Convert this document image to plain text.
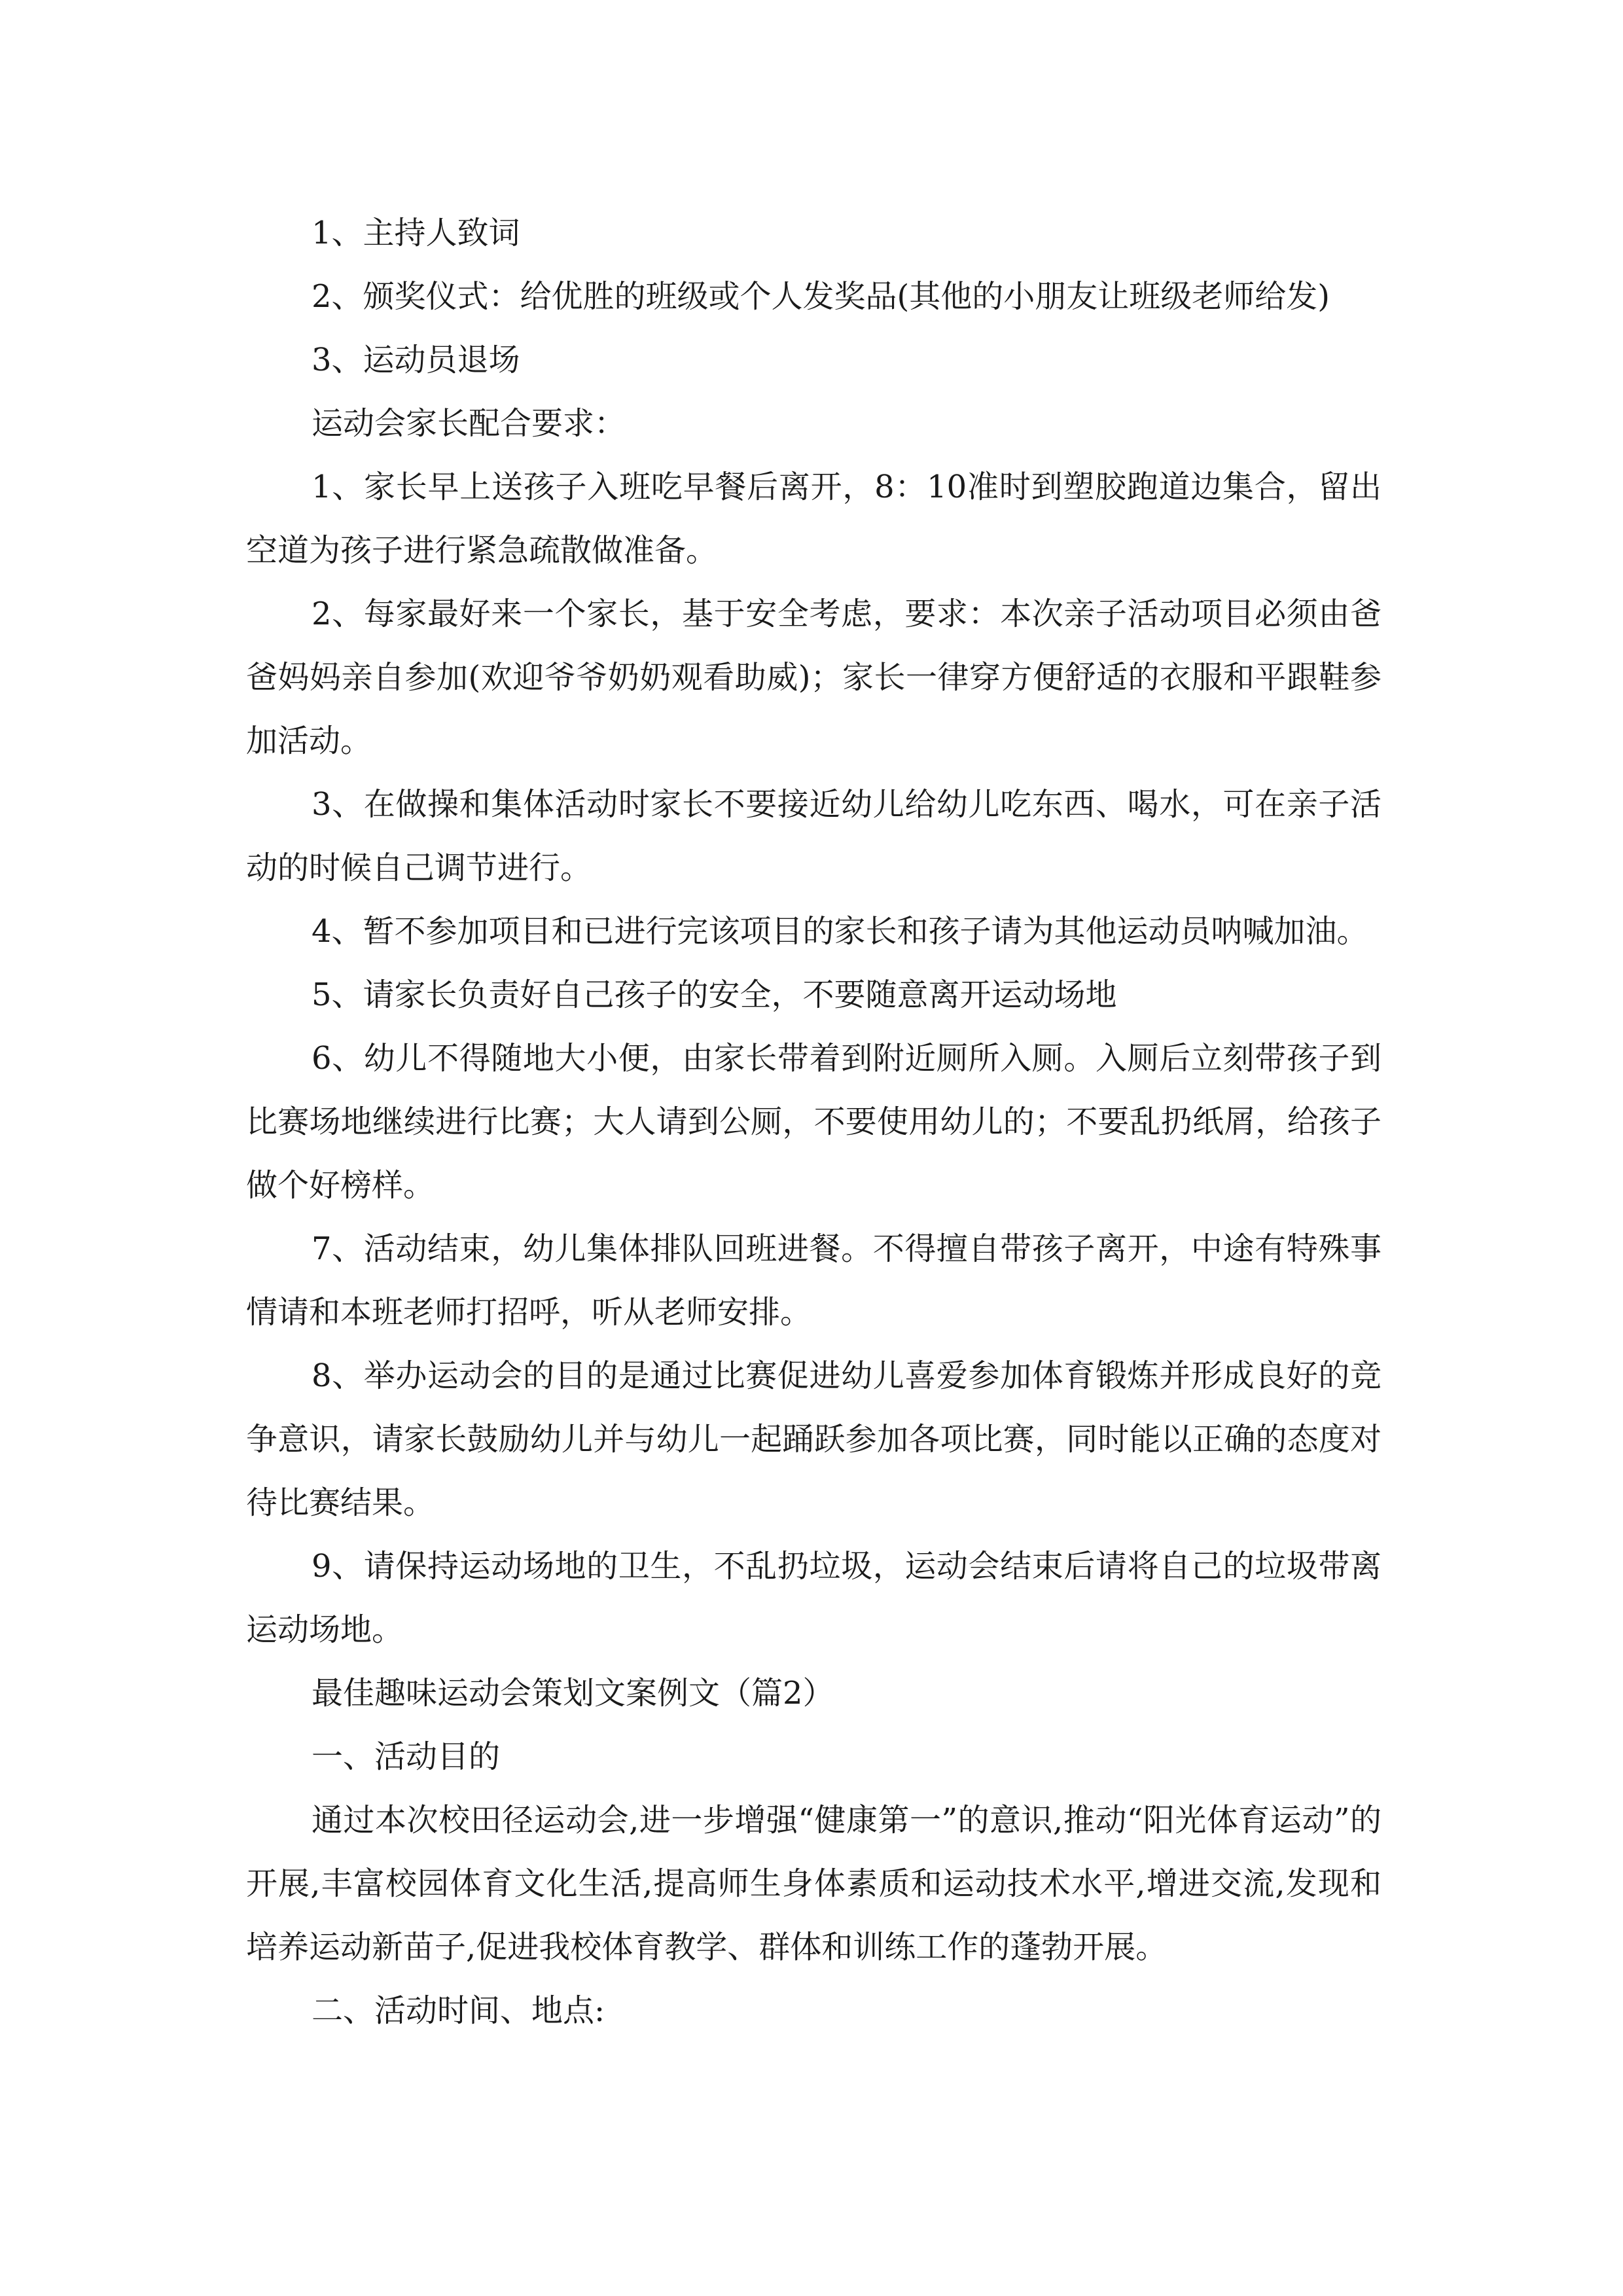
1、主持人致词

2、颁奖仪式：给优胜的班级或个人发奖品(其他的小朋友让班级老师给发)

3、运动员退场

运动会家长配合要求：

1、家长早上送孩子入班吃早餐后离开，8：10准时到塑胶跑道边集合，留出空道为孩子进行紧急疏散做准备。

2、每家最好来一个家长，基于安全考虑，要求：本次亲子活动项目必须由爸爸妈妈亲自参加(欢迎爷爷奶奶观看助威)；家长一律穿方便舒适的衣服和平跟鞋参加活动。

3、在做操和集体活动时家长不要接近幼儿给幼儿吃东西、喝水，可在亲子活动的时候自己调节进行。

4、暂不参加项目和已进行完该项目的家长和孩子请为其他运动员呐喊加油。

5、请家长负责好自己孩子的安全，不要随意离开运动场地

6、幼儿不得随地大小便，由家长带着到附近厕所入厕。入厕后立刻带孩子到比赛场地继续进行比赛；大人请到公厕，不要使用幼儿的；不要乱扔纸屑，给孩子做个好榜样。

7、活动结束，幼儿集体排队回班进餐。不得擅自带孩子离开，中途有特殊事情请和本班老师打招呼，听从老师安排。

8、举办运动会的目的是通过比赛促进幼儿喜爱参加体育锻炼并形成良好的竞争意识，请家长鼓励幼儿并与幼儿一起踊跃参加各项比赛，同时能以正确的态度对待比赛结果。

9、请保持运动场地的卫生，不乱扔垃圾，运动会结束后请将自己的垃圾带离运动场地。

最佳趣味运动会策划文案例文（篇2）

一、活动目的

通过本次校田径运动会,进一步增强“健康第一”的意识,推动“阳光体育运动”的开展,丰富校园体育文化生活,提高师生身体素质和运动技术水平,增进交流,发现和培养运动新苗子,促进我校体育教学、群体和训练工作的蓬勃开展。

二、活动时间、地点:
